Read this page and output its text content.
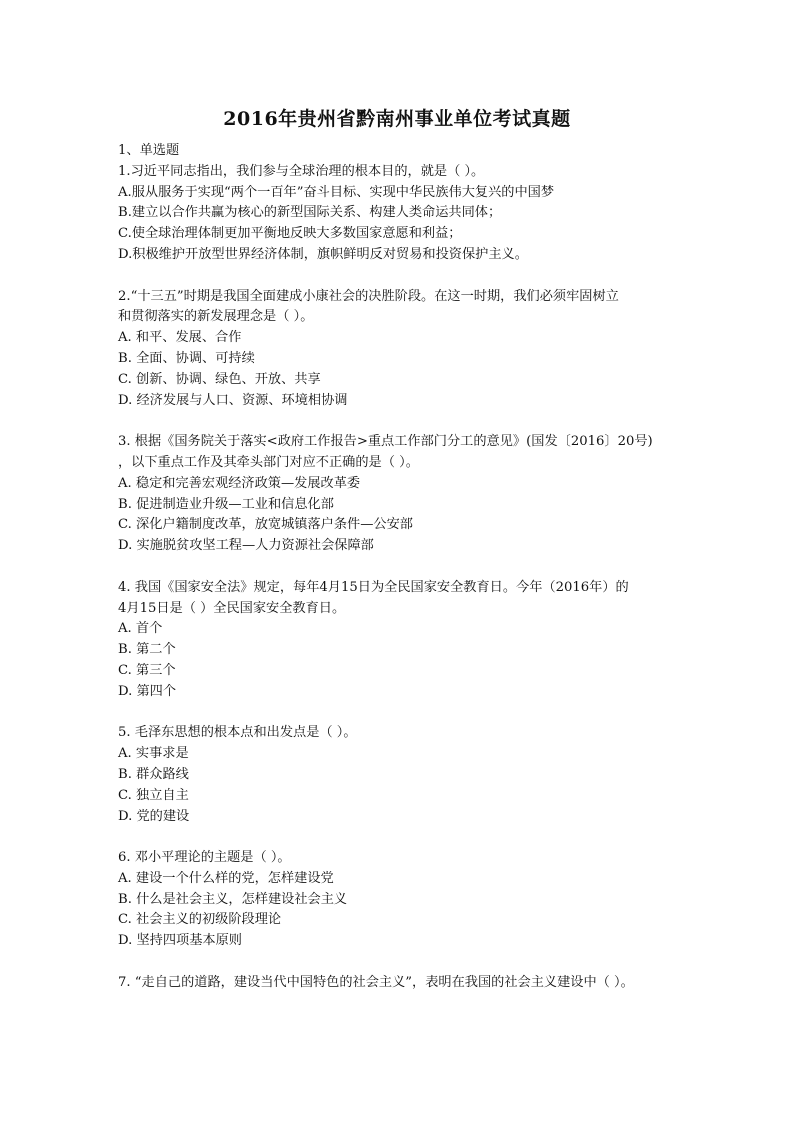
2016年贵州省黔南州事业单位考试真题
1、单选题
1.习近平同志指出，我们参与全球治理的根本目的，就是（ ）。
A.服从服务于实现“两个一百年”奋斗目标、实现中华民族伟大复兴的中国梦
B.建立以合作共赢为核心的新型国际关系、构建人类命运共同体；
C.使全球治理体制更加平衡地反映大多数国家意愿和利益；
D.积极维护开放型世界经济体制，旗帜鲜明反对贸易和投资保护主义。
2.“十三五”时期是我国全面建成小康社会的决胜阶段。在这一时期，我们必须牢固树立
和贯彻落实的新发展理念是（ ）。
A. 和平、发展、合作
B. 全面、协调、可持续
C. 创新、协调、绿色、开放、共享
D. 经济发展与人口、资源、环境相协调
3. 根据《国务院关于落实<政府工作报告>重点工作部门分工的意见》(国发〔2016〕20号)
，以下重点工作及其牵头部门对应不正确的是（ ）。
A. 稳定和完善宏观经济政策—发展改革委
B. 促进制造业升级—工业和信息化部
C. 深化户籍制度改革，放宽城镇落户条件—公安部
D. 实施脱贫攻坚工程—人力资源社会保障部
4. 我国《国家安全法》规定，每年4月15日为全民国家安全教育日。今年（2016年）的
4月15日是（ ）全民国家安全教育日。
A. 首个
B. 第二个
C. 第三个
D. 第四个
5. 毛泽东思想的根本点和出发点是（ ）。
A. 实事求是
B. 群众路线
C. 独立自主
D. 党的建设
6. 邓小平理论的主题是（ ）。
A. 建设一个什么样的党，怎样建设党
B. 什么是社会主义，怎样建设社会主义
C. 社会主义的初级阶段理论
D. 坚持四项基本原则
7. “走自己的道路，建设当代中国特色的社会主义”，表明在我国的社会主义建设中（ ）。
